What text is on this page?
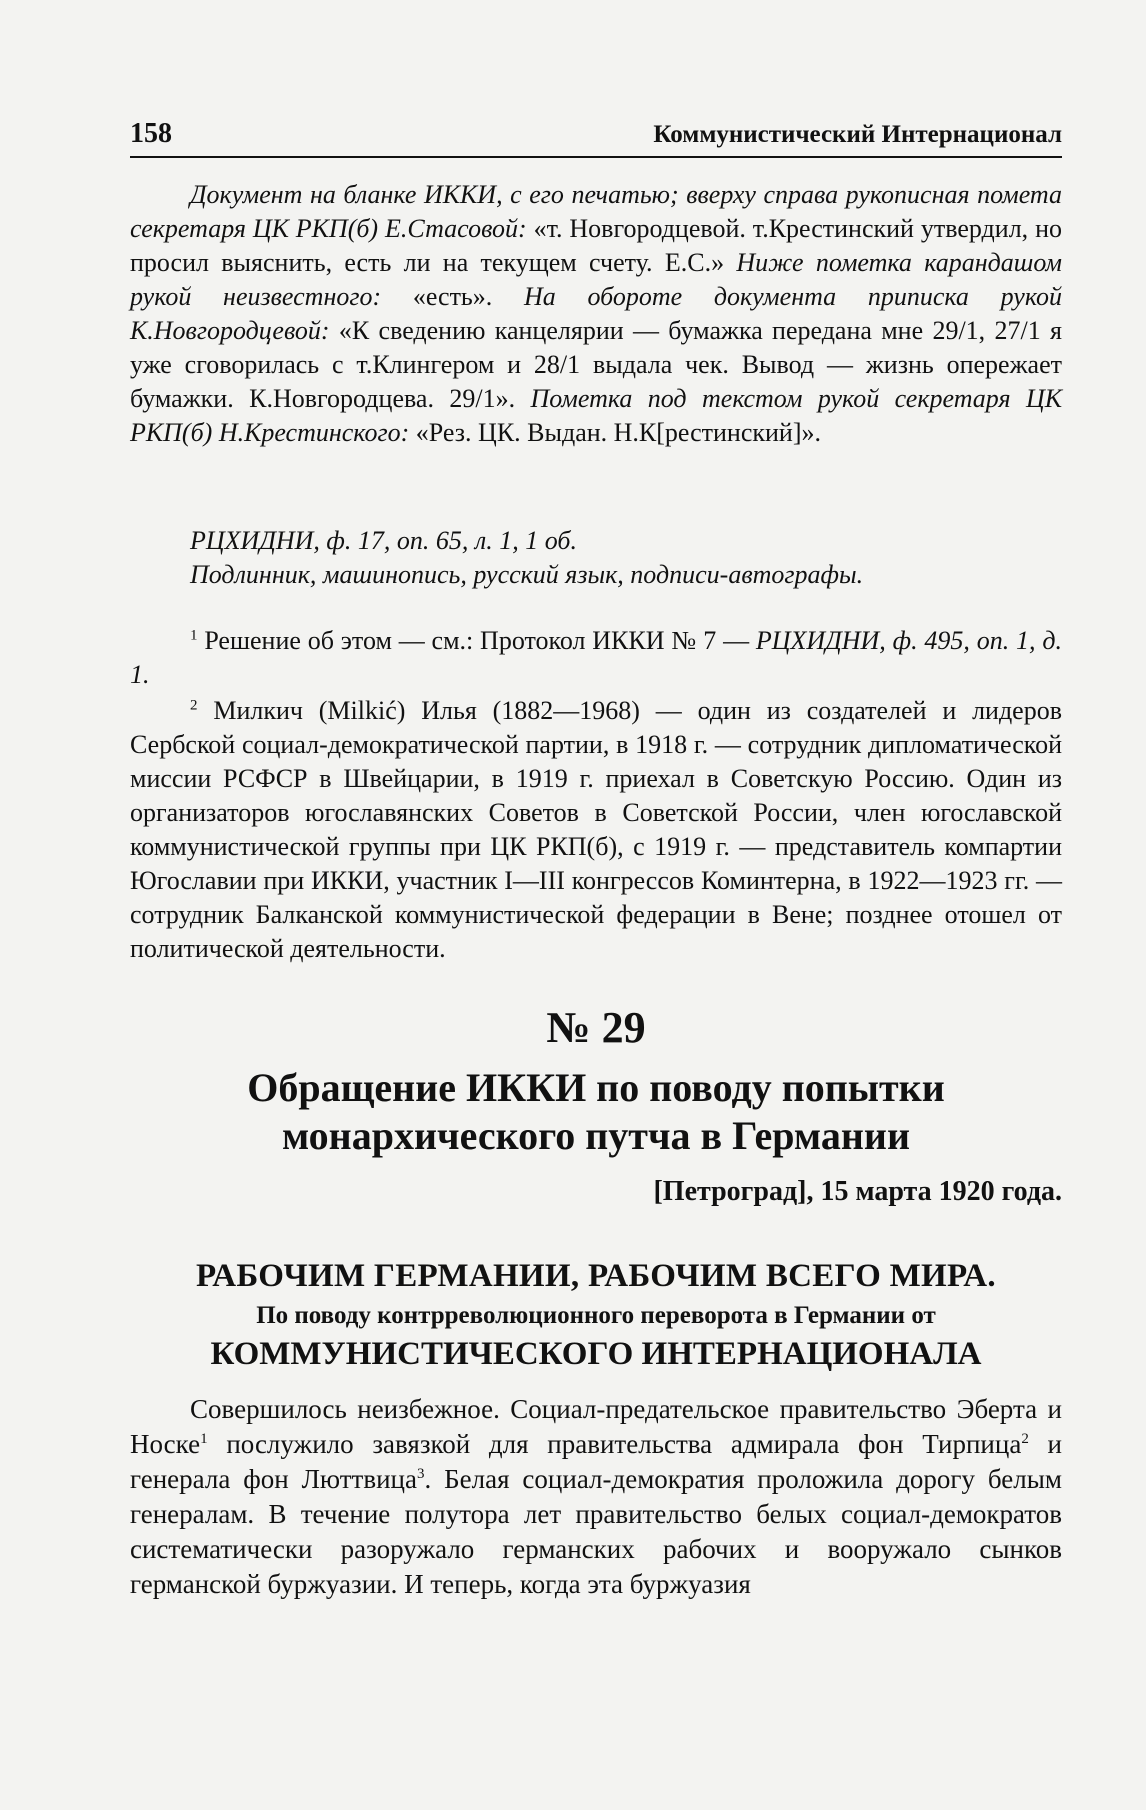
158	Коммунистический Интернационал

Документ на бланке ИККИ, с его печатью; вверху справа рукописная помета секретаря ЦК РКП(б) Е.Стасовой: «т. Новгородцевой. т.Крестинский утвердил, но просил выяснить, есть ли на текущем счету. Е.С.» Ниже пометка карандашом рукой неизвестного: «есть». На обороте документа приписка рукой К.Новгородцевой: «К сведению канцелярии — бумажка передана мне 29/1, 27/1 я уже сговорилась с т.Клингером и 28/1 выдала чек. Вывод — жизнь опережает бумажки. К.Новгородцева. 29/1». Пометка под текстом рукой секретаря ЦК РКП(б) Н.Крестинского: «Рез. ЦК. Выдан. Н.К[рестинский]».

РЦХИДНИ, ф. 17, оп. 65, л. 1, 1 об.

Подлинник, машинопись, русский язык, подписи-автографы.

$^1$ Решение об этом — см.: Протокол ИККИ № 7 — РЦХИДНИ, ф. 495, оп. 1, д. 1.

$^2$ Милкич (Milkić) Илья (1882—1968) — один из создателей и лидеров Сербской социал-демократической партии, в 1918 г. — сотрудник дипломатической миссии РСФСР в Швейцарии, в 1919 г. приехал в Советскую Россию. Один из организаторов югославянских Советов в Советской России, член югославской коммунистической группы при ЦК РКП(б), с 1919 г. — представитель компартии Югославии при ИККИ, участник I—III конгрессов Коминтерна, в 1922—1923 гг. — сотрудник Балканской коммунистической федерации в Вене; позднее отошел от политической деятельности.

№ 29
Обращение ИККИ по поводу попытки
монархического путча в Германии
[Петроград], 15 марта 1920 года.
РАБОЧИМ ГЕРМАНИИ, РАБОЧИМ ВСЕГО МИРА.
По поводу контрреволюционного переворота в Германии от
КОММУНИСТИЧЕСКОГО ИНТЕРНАЦИОНАЛА

Совершилось неизбежное. Социал-предательское правительство Эберта и Носке$^1$ послужило завязкой для правительства адмирала фон Тирпица$^2$ и генерала фон Люттвица$^3$. Белая социал-демократия проложила дорогу белым генералам. В течение полутора лет правительство белых социал-демократов систематически разоружало германских рабочих и вооружало сынков германской буржуазии. И теперь, когда эта буржуазия
